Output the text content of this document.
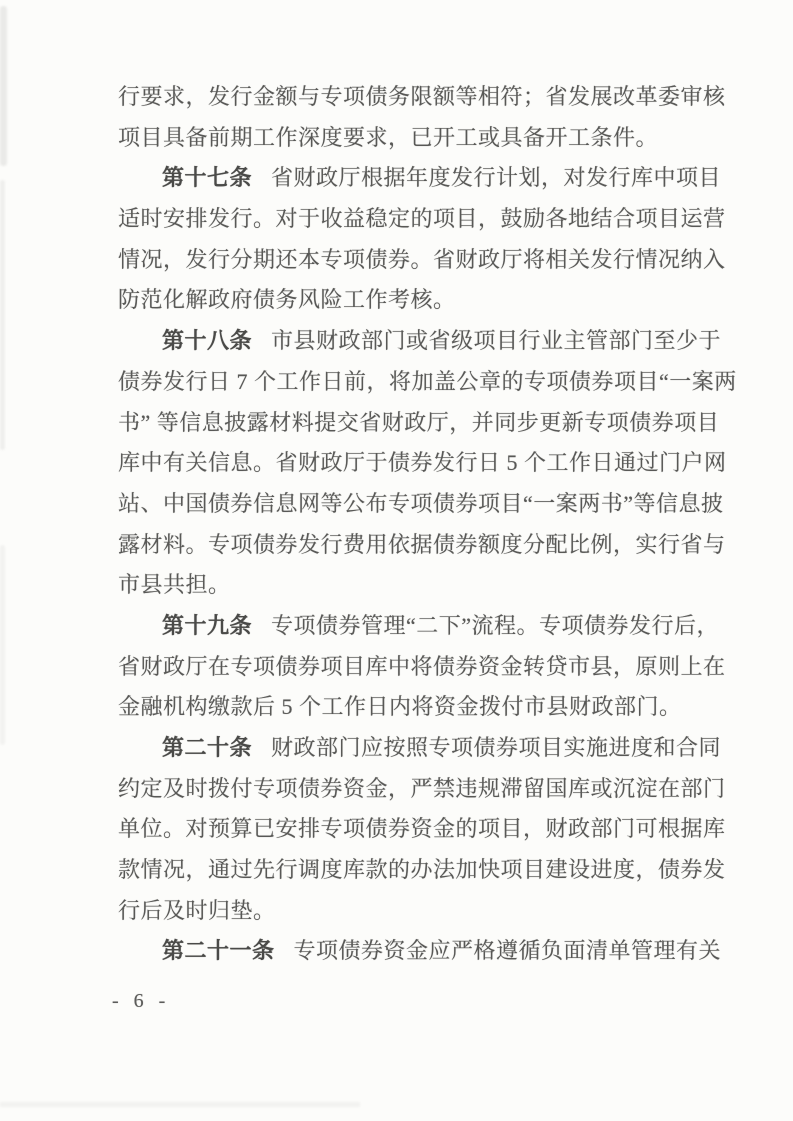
行要求，发行金额与专项债务限额等相符；省发展改革委审核
项目具备前期工作深度要求，已开工或具备开工条件。
第十七条 省财政厅根据年度发行计划，对发行库中项目
适时安排发行。对于收益稳定的项目，鼓励各地结合项目运营
情况，发行分期还本专项债券。省财政厅将相关发行情况纳入
防范化解政府债务风险工作考核。
第十八条 市县财政部门或省级项目行业主管部门至少于
债券发行日 7 个工作日前，将加盖公章的专项债券项目“一案两
书” 等信息披露材料提交省财政厅，并同步更新专项债券项目
库中有关信息。省财政厅于债券发行日 5 个工作日通过门户网
站、中国债券信息网等公布专项债券项目“一案两书”等信息披
露材料。专项债券发行费用依据债券额度分配比例，实行省与
市县共担。
第十九条 专项债券管理“二下”流程。专项债券发行后，
省财政厅在专项债券项目库中将债券资金转贷市县，原则上在
金融机构缴款后 5 个工作日内将资金拨付市县财政部门。
第二十条 财政部门应按照专项债券项目实施进度和合同
约定及时拨付专项债券资金，严禁违规滞留国库或沉淀在部门
单位。对预算已安排专项债券资金的项目，财政部门可根据库
款情况，通过先行调度库款的办法加快项目建设进度，债券发
行后及时归垫。
第二十一条 专项债券资金应严格遵循负面清单管理有关
- 6 -
